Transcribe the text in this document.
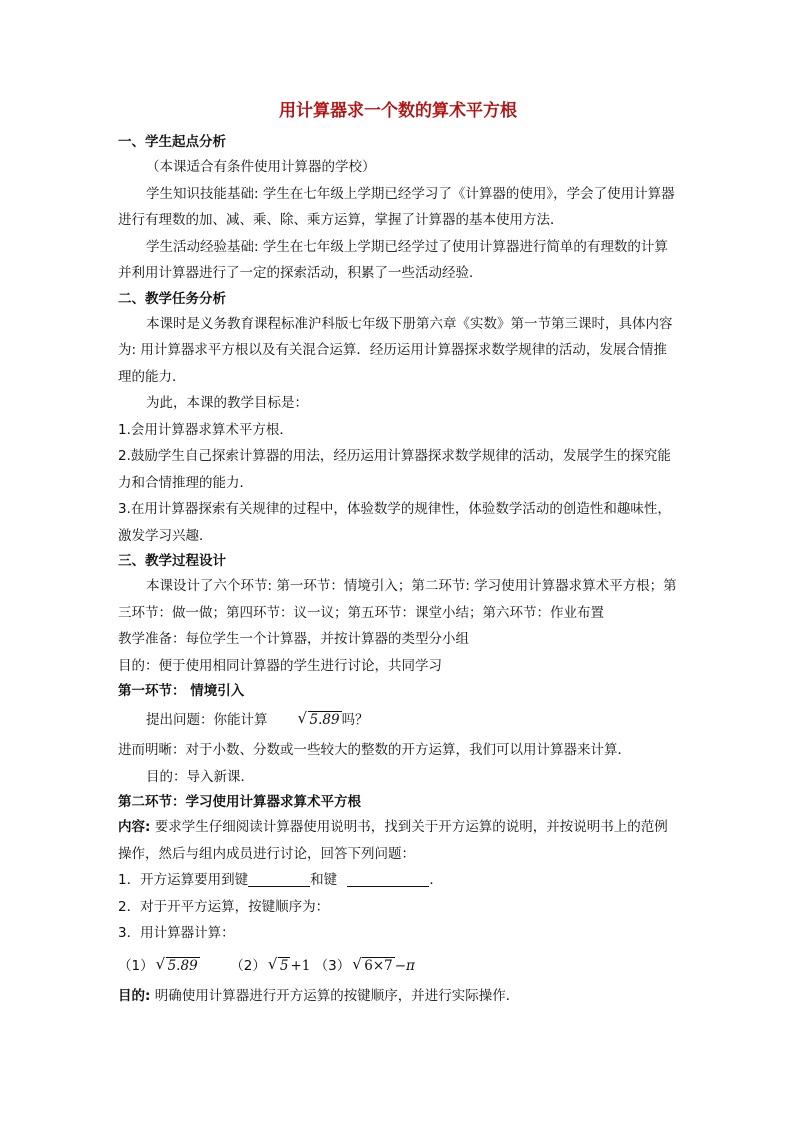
用计算器求一个数的算术平方根

一、学生起点分析

（本课适合有条件使用计算器的学校）

学生知识技能基础: 学生在七年级上学期已经学习了《计算器的使用》，学会了使用计算器进行有理数的加、减、乘、除、乘方运算，掌握了计算器的基本使用方法．

学生活动经验基础: 学生在七年级上学期已经学过了使用计算器进行简单的有理数的计算并利用计算器进行了一定的探索活动，积累了一些活动经验．

二、教学任务分析

本课时是义务教育课程标准沪科版七年级下册第六章《实数》第一节第三课时，具体内容为: 用计算器求平方根以及有关混合运算．经历运用计算器探求数学规律的活动，发展合情推理的能力．

为此，本课的教学目标是：

1.会用计算器求算术平方根．

2.鼓励学生自己探索计算器的用法，经历运用计算器探求数学规律的活动，发展学生的探究能力和合情推理的能力．

3.在用计算器探索有关规律的过程中，体验数学的规律性，体验数学活动的创造性和趣味性，激发学习兴趣．

三、教学过程设计

本课设计了六个环节: 第一环节：情境引入；第二环节: 学习使用计算器求算术平方根；第三环节：做一做；第四环节：议一议；第五环节：课堂小结；第六环节：作业布置

教学准备：每位学生一个计算器，并按计算器的类型分小组

目的：便于使用相同计算器的学生进行讨论，共同学习

第一环节： 情境引入

提出问题：你能计算	√ 5.89 吗？

进而明晰：对于小数、分数或一些较大的整数的开方运算，我们可以用计算器来计算．

目的：导入新课．

第二环节：学习使用计算器求算术平方根

内容: 要求学生仔细阅读计算器使用说明书，找到关于开方运算的说明，并按说明书上的范例操作，然后与组内成员进行讨论，回答下列问题：

1．开方运算要用到键	和键	．

2．对于开平方运算，按键顺序为：

3．用计算器计算：

（1） √ 5.89 （2） √ 5 +1 （3） √ 6×7 −π

目的: 明确使用计算器进行开方运算的按键顺序，并进行实际操作．
